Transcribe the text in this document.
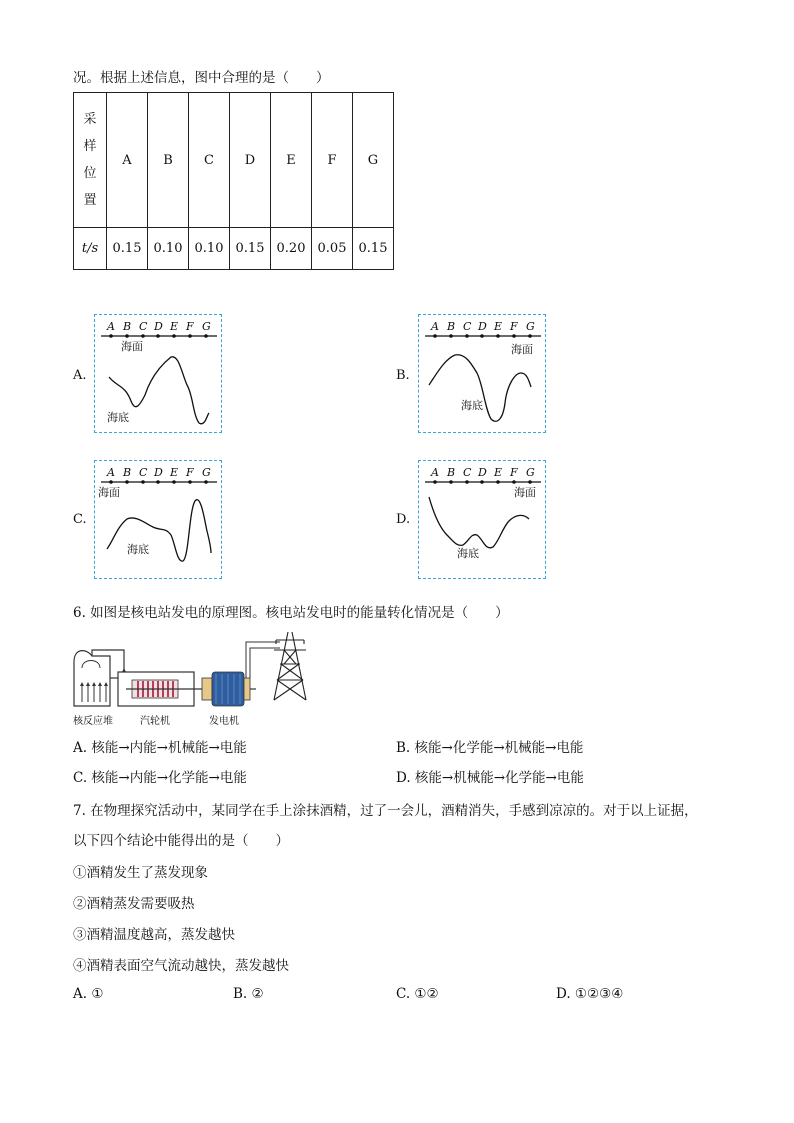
况。根据上述信息，图中合理的是（　　）
采
样
位
置	A	B	C	D	E	F	G
t/s	0.15	0.10	0.10	0.15	0.20	0.05	0.15
A.	B.
C.	D.
A B C D E F G
海面
海底
A B C D E F G
海面
海底
A B C D E F G
海面
海底
A B C D E F G
海面
海底
6. 如图是核电站发电的原理图。核电站发电时的能量转化情况是（　　）
核反应堆	汽轮机	发电机
A. 核能→内能→机械能→电能	B. 核能→化学能→机械能→电能
C. 核能→内能→化学能→电能	D. 核能→机械能→化学能→电能
7. 在物理探究活动中，某同学在手上涂抹酒精，过了一会儿，酒精消失，手感到凉凉的。对于以上证据，
以下四个结论中能得出的是（　　）
①酒精发生了蒸发现象
②酒精蒸发需要吸热
③酒精温度越高，蒸发越快
④酒精表面空气流动越快，蒸发越快
A. ①	B. ②	C. ①②	D. ①②③④
